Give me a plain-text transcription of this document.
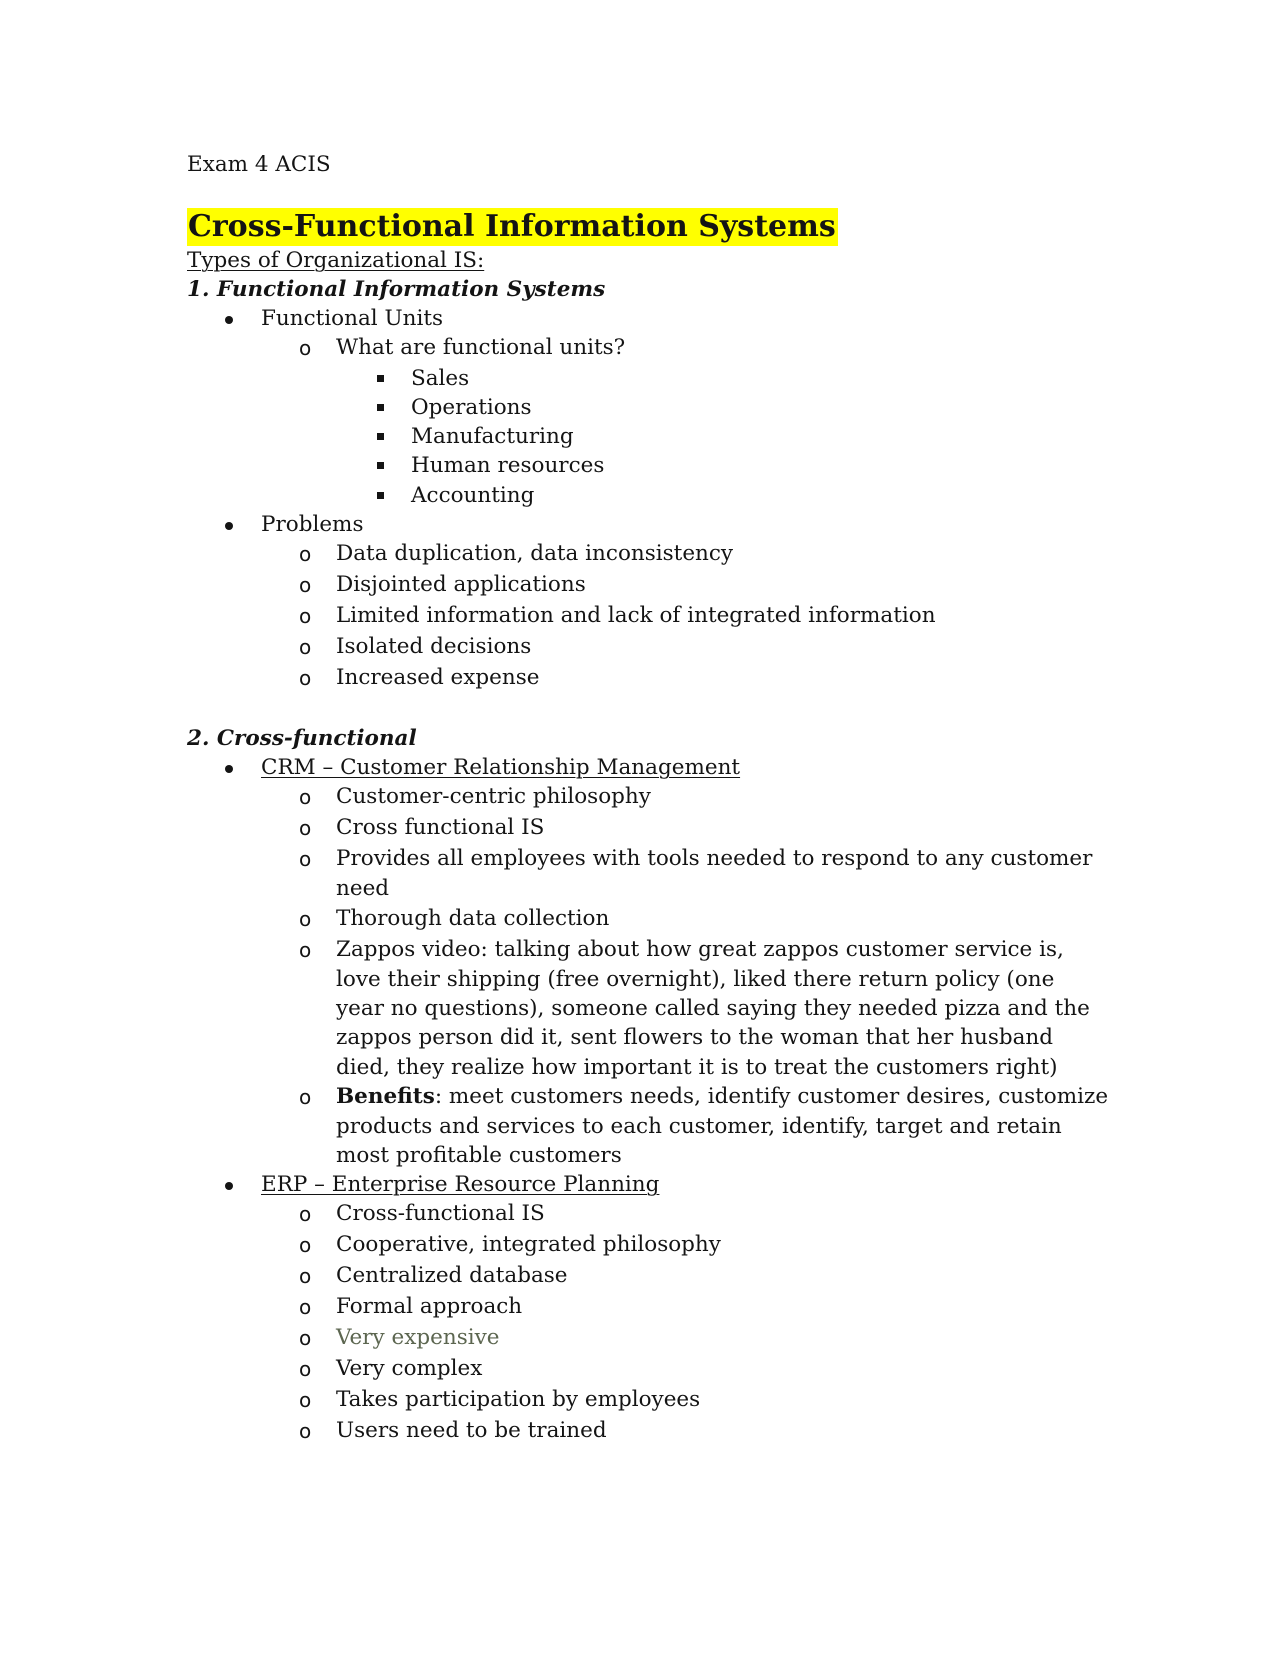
Exam 4 ACIS
Cross-Functional Information Systems
Types of Organizational IS:
1. Functional Information Systems
Functional Units
o What are functional units?
Sales
Operations
Manufacturing
Human resources
Accounting
Problems
o Data duplication, data inconsistency
o Disjointed applications
o Limited information and lack of integrated information
o Isolated decisions
o Increased expense
2. Cross-functional
CRM – Customer Relationship Management
o Customer-centric philosophy
o Cross functional IS
o Provides all employees with tools needed to respond to any customer
need
o Thorough data collection
o Zappos video: talking about how great zappos customer service is,
love their shipping (free overnight), liked there return policy (one
year no questions), someone called saying they needed pizza and the
zappos person did it, sent flowers to the woman that her husband
died, they realize how important it is to treat the customers right)
o Benefits: meet customers needs, identify customer desires, customize
products and services to each customer, identify, target and retain
most profitable customers
ERP – Enterprise Resource Planning
o Cross-functional IS
o Cooperative, integrated philosophy
o Centralized database
o Formal approach
o Very expensive
o Very complex
o Takes participation by employees
o Users need to be trained
